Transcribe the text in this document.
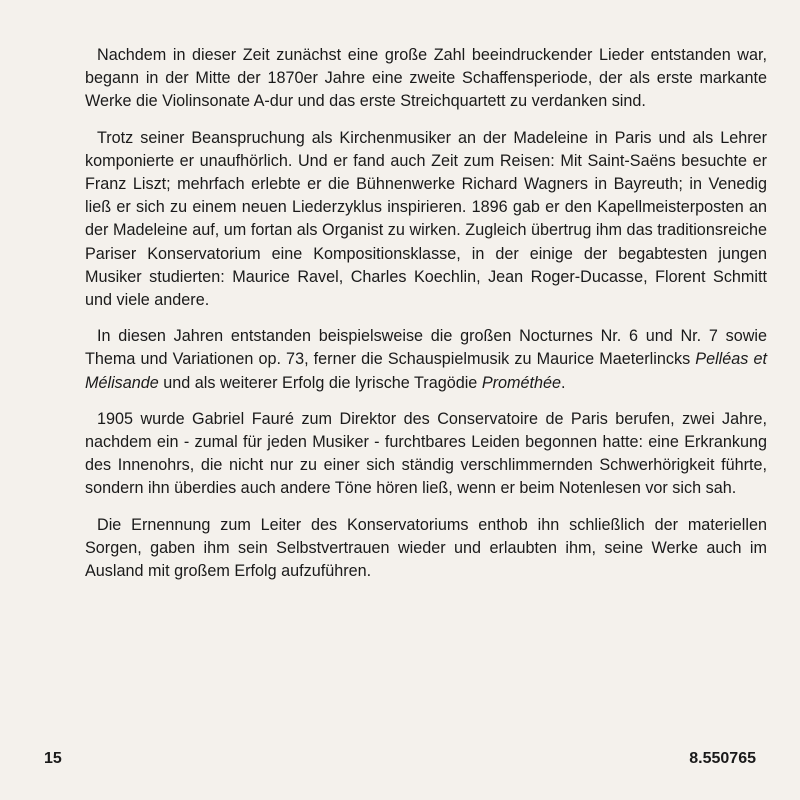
Nachdem in dieser Zeit zunächst eine große Zahl beeindruckender Lieder entstanden war, begann in der Mitte der 1870er Jahre eine zweite Schaffensperiode, der als erste markante Werke die Violinsonate A-dur und das erste Streichquartett zu verdanken sind.

Trotz seiner Beanspruchung als Kirchenmusiker an der Madeleine in Paris und als Lehrer komponierte er unaufhörlich. Und er fand auch Zeit zum Reisen: Mit Saint-Saëns besuchte er Franz Liszt; mehrfach erlebte er die Bühnenwerke Richard Wagners in Bayreuth; in Venedig ließ er sich zu einem neuen Liederzyklus inspirieren. 1896 gab er den Kapellmeisterposten an der Madeleine auf, um fortan als Organist zu wirken. Zugleich übertrug ihm das traditionsreiche Pariser Konservatorium eine Kompositionsklasse, in der einige der begabtesten jungen Musiker studierten: Maurice Ravel, Charles Koechlin, Jean Roger-Ducasse, Florent Schmitt und viele andere.

In diesen Jahren entstanden beispielsweise die großen Nocturnes Nr. 6 und Nr. 7 sowie Thema und Variationen op. 73, ferner die Schauspielmusik zu Maurice Maeterlincks Pelléas et Mélisande und als weiterer Erfolg die lyrische Tragödie Prométhée.

1905 wurde Gabriel Fauré zum Direktor des Conservatoire de Paris berufen, zwei Jahre, nachdem ein - zumal für jeden Musiker - furchtbares Leiden begonnen hatte: eine Erkrankung des Innenohrs, die nicht nur zu einer sich ständig verschlimmernden Schwerhörigkeit führte, sondern ihn überdies auch andere Töne hören ließ, wenn er beim Notenlesen vor sich sah.

Die Ernennung zum Leiter des Konservatoriums enthob ihn schließlich der materiellen Sorgen, gaben ihm sein Selbstvertrauen wieder und erlaubten ihm, seine Werke auch im Ausland mit großem Erfolg aufzuführen.

15	8.550765
